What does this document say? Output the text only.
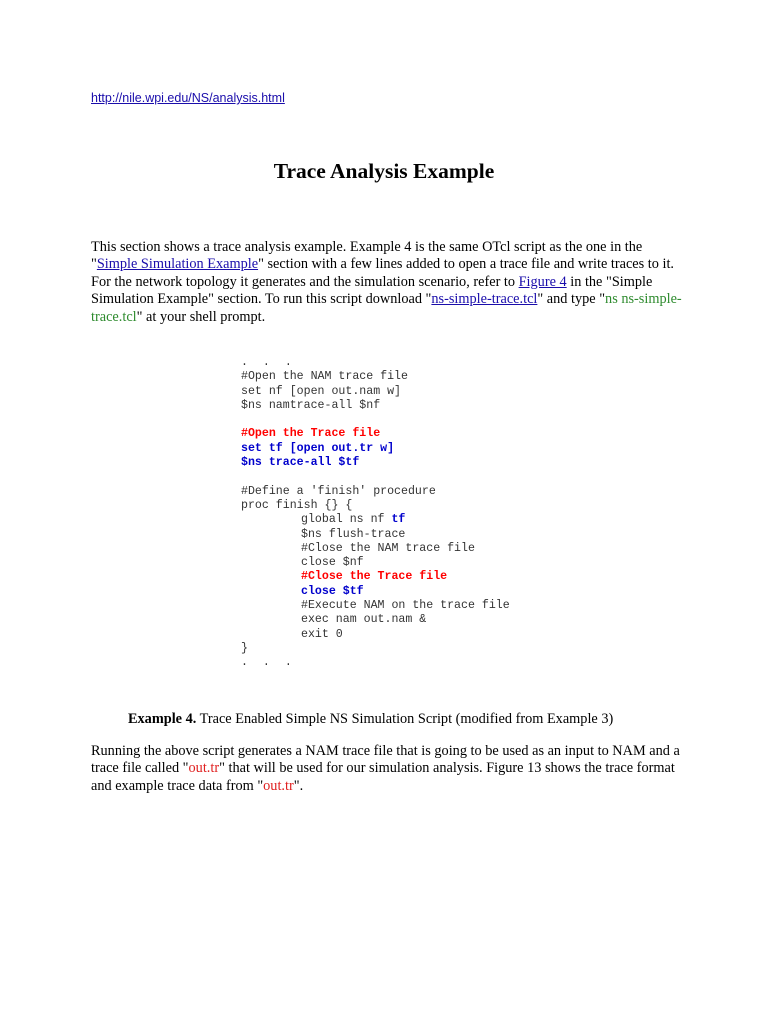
http://nile.wpi.edu/NS/analysis.html
Trace Analysis Example

This section shows a trace analysis example. Example 4 is the same OTcl script as the one in the "Simple Simulation Example" section with a few lines added to open a trace file and write traces to it. For the network topology it generates and the simulation scenario, refer to Figure 4 in the "Simple Simulation Example" section. To run this script download "ns-simple-trace.tcl" and type "ns ns-simple-trace.tcl" at your shell prompt.

. . .
#Open the NAM trace file
set nf [open out.nam w]
$ns namtrace-all $nf
#Open the Trace file
set tf [open out.tr w]
$ns trace-all $tf
#Define a 'finish' procedure
proc finish {} {
global ns nf tf
$ns flush-trace
#Close the NAM trace file
close $nf
#Close the Trace file
close $tf
#Execute NAM on the trace file
exec nam out.nam &
exit 0
}
. . .

Example 4. Trace Enabled Simple NS Simulation Script (modified from Example 3)

Running the above script generates a NAM trace file that is going to be used as an input to NAM and a trace file called "out.tr" that will be used for our simulation analysis. Figure 13 shows the trace format and example trace data from "out.tr".
